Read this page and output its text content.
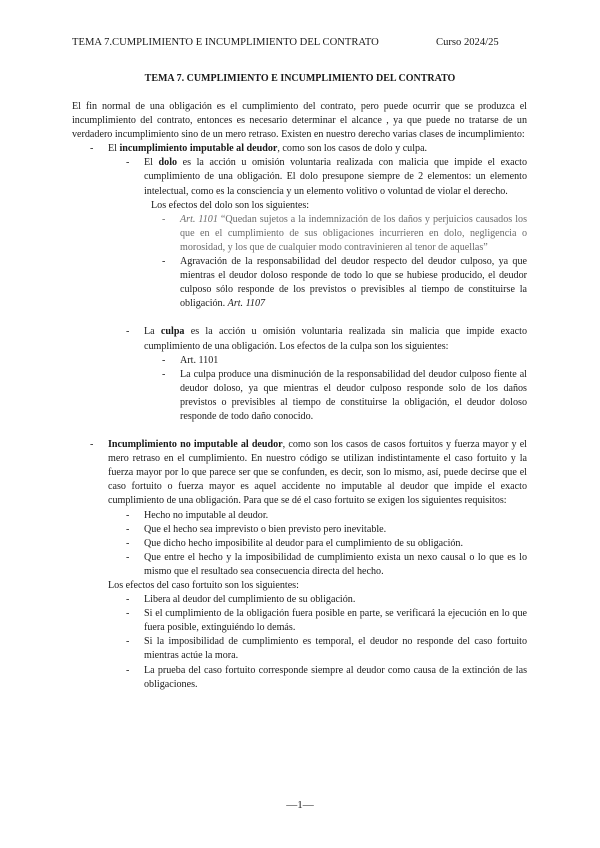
TEMA 7.CUMPLIMIENTO E INCUMPLIMIENTO DEL CONTRATO	Curso 2024/25
TEMA 7. CUMPLIMIENTO E INCUMPLIMIENTO DEL CONTRATO

El fin normal de una obligación es el cumplimiento del contrato, pero puede ocurrir que se produzca el incumplimiento del contrato, entonces es necesario determinar el alcance , ya que puede no tratarse de un verdadero incumplimiento sino de un mero retraso. Existen en nuestro derecho varias clases de incumplimiento:

- El incumplimiento imputable al deudor, como son los casos de dolo y culpa.
- El dolo es la acción u omisión voluntaria realizada con malicia que impide el exacto cumplimiento de una obligación. El dolo presupone siempre de 2 elementos: un elemento intelectual, como es la consciencia y un elemento volitivo o voluntad de violar el derecho.
Los efectos del dolo son los siguientes:
- Art. 1101 “Quedan sujetos a la indemnización de los daños y perjuicios causados los que en el cumplimiento de sus obligaciones incurrieren en dolo, negligencia o morosidad, y los que de cualquier modo contravinieren al tenor de aquellas”
- Agravación de la responsabilidad del deudor respecto del deudor culposo, ya que mientras el deudor doloso responde de todo lo que se hubiese producido, el deudor culposo sólo responde de los previstos o previsibles al tiempo de constituirse la obligación. Art. 1107
- La culpa es la acción u omisión voluntaria realizada sin malicia que impide exacto cumplimiento de una obligación. Los efectos de la culpa son los siguientes:
- Art. 1101
- La culpa produce una disminución de la responsabilidad del deudor culposo fiente al deudor doloso, ya que mientras el deudor culposo responde solo de los daños previstos o previsibles al tiempo de constituirse la obligación, el deudor doloso responde de todo daño conocido.
- Incumplimiento no imputable al deudor, como son los casos de casos fortuitos y fuerza mayor y el mero retraso en el cumplimiento. En nuestro código se utilizan indistintamente el caso fortuito y la fuerza mayor por lo que parece ser que se confunden, es decir, son lo mismo, así, puede decirse que el caso fortuito o fuerza mayor es aquel accidente no imputable al deudor que impide el exacto cumplimiento de una obligación. Para que se dé el caso fortuito se exigen los siguientes requisitos:
- Hecho no imputable al deudor.
- Que el hecho sea imprevisto o bien previsto pero inevitable.
- Que dicho hecho imposibilite al deudor para el cumplimiento de su obligación.
- Que entre el hecho y la imposibilidad de cumplimiento exista un nexo causal o lo que es lo mismo que el resultado sea consecuencia directa del hecho.
Los efectos del caso fortuito son los siguientes:
- Libera al deudor del cumplimiento de su obligación.
- Si el cumplimiento de la obligación fuera posible en parte, se verificará la ejecución en lo que fuera posible, extinguiéndo lo demás.
- Si la imposibilidad de cumplimiento es temporal, el deudor no responde del caso fortuito mientras actúe la mora.
- La prueba del caso fortuito corresponde siempre al deudor como causa de la extinción de las obligaciones.
—1—
